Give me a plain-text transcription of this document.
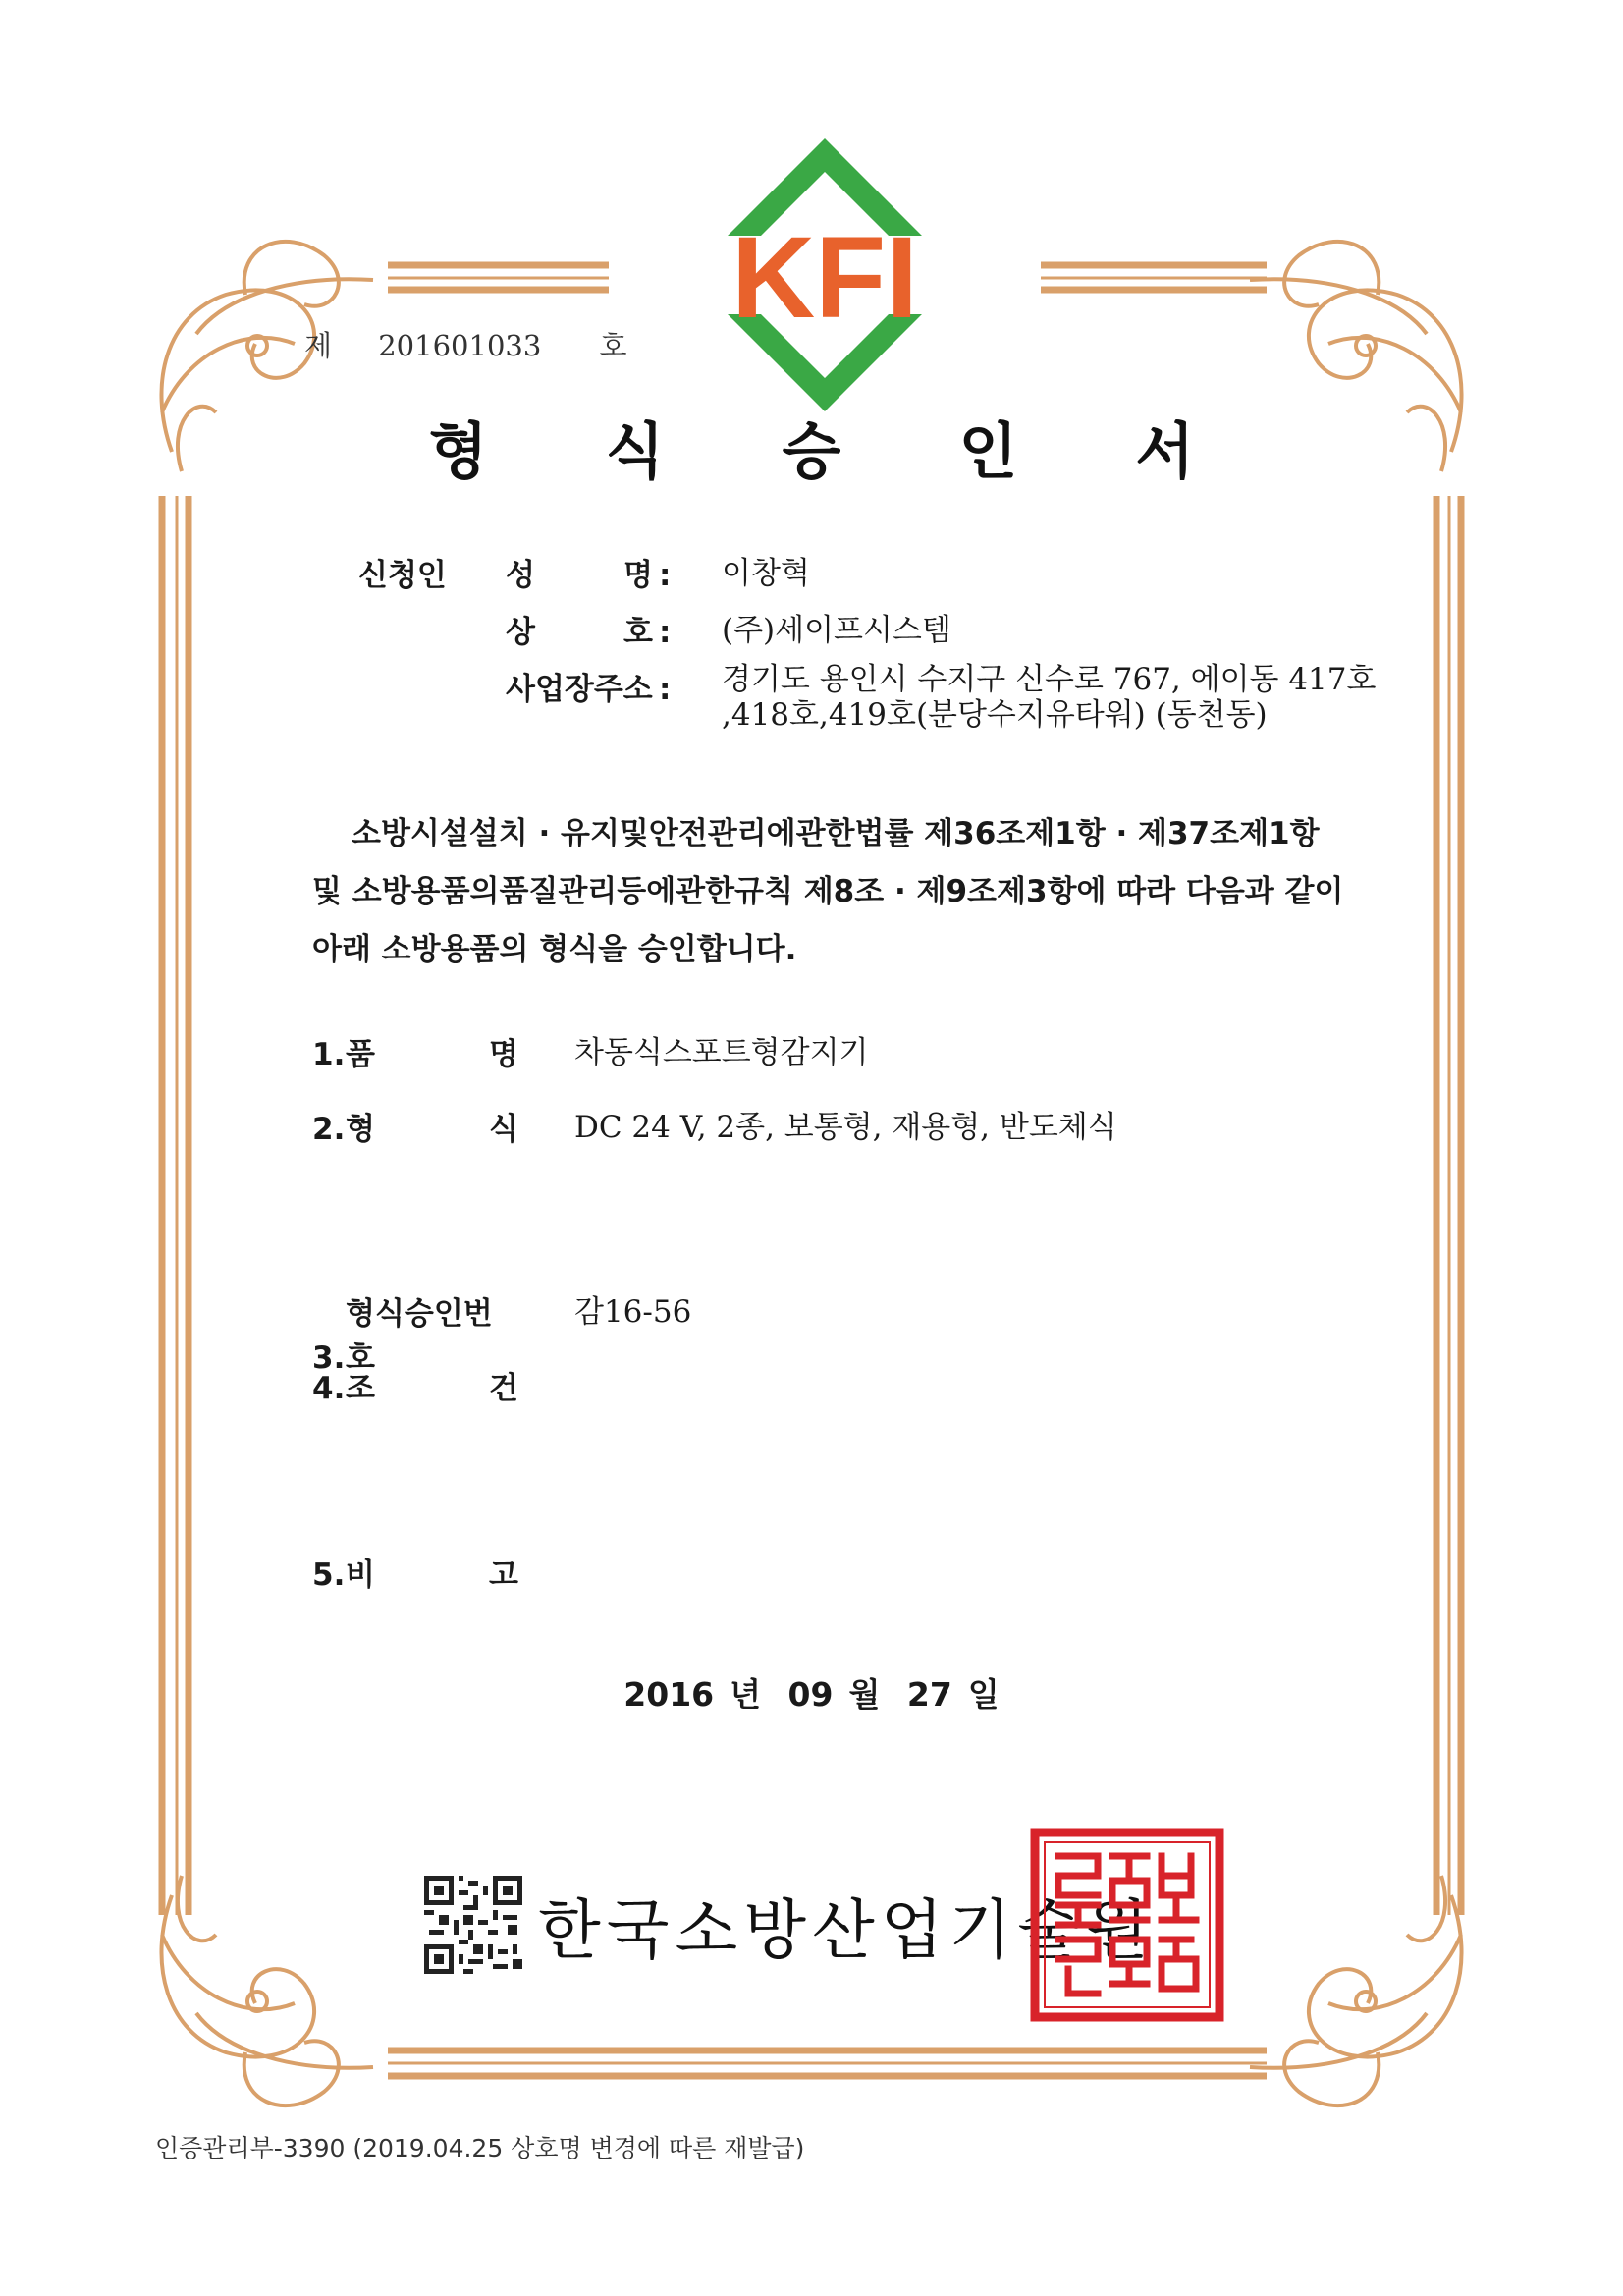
KFI
제 201601033 호
형 식 승 인 서
신청인 성 명 : 이창혁
상 호 : (주)세이프시스템
사업장주소 : 경기도 용인시 수지구 신수로 767, 에이동 417호
,418호,419호(분당수지유타워) (동천동)

소방시설설치 · 유지및안전관리에관한법률 제36조제1항 · 제37조제1항

및 소방용품의품질관리등에관한규칙 제8조 · 제9조제3항에 따라 다음과 같이

아래 소방용품의 형식을 승인합니다.

1.품 명 차동식스포트형감지기
2.형 식 DC 24 V, 2종, 보통형, 재용형, 반도체식
3.형식승인번호
감16-56
4.조 건
5.비 고
2016 년 09 월 27 일
한국소방산업기술원
인증관리부-3390 (2019.04.25 상호명 변경에 따른 재발급)
